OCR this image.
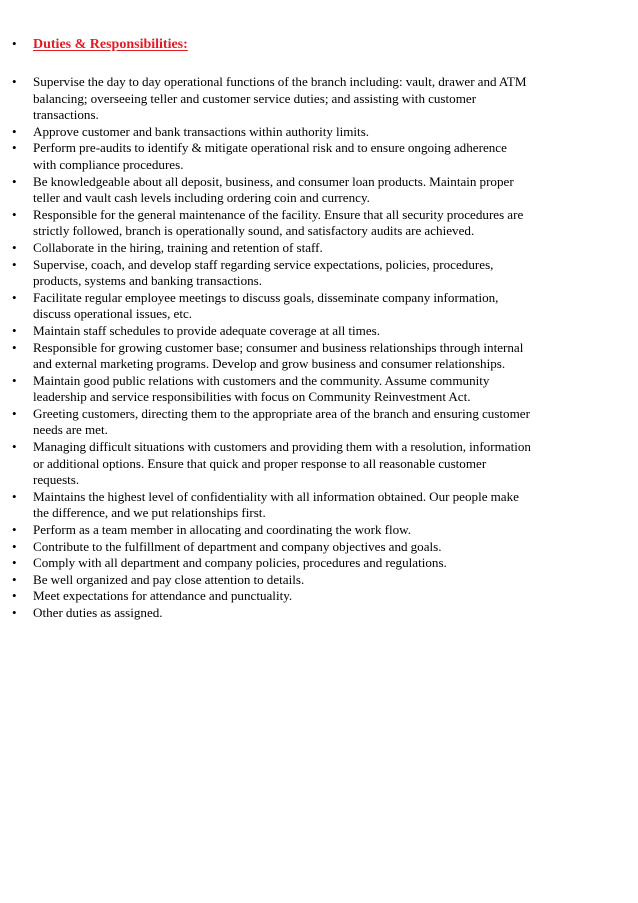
• Duties & Responsibilities:
• Supervise the day to day operational functions of the branch including: vault, drawer and ATM balancing; overseeing teller and customer service duties; and assisting with customer transactions.
• Approve customer and bank transactions within authority limits.
• Perform pre-audits to identify & mitigate operational risk and to ensure ongoing adherence with compliance procedures.
• Be knowledgeable about all deposit, business, and consumer loan products. Maintain proper teller and vault cash levels including ordering coin and currency.
• Responsible for the general maintenance of the facility. Ensure that all security procedures are strictly followed, branch is operationally sound, and satisfactory audits are achieved.
• Collaborate in the hiring, training and retention of staff.
• Supervise, coach, and develop staff regarding service expectations, policies, procedures, products, systems and banking transactions.
• Facilitate regular employee meetings to discuss goals, disseminate company information, discuss operational issues, etc.
• Maintain staff schedules to provide adequate coverage at all times.
• Responsible for growing customer base; consumer and business relationships through internal and external marketing programs. Develop and grow business and consumer relationships.
• Maintain good public relations with customers and the community. Assume community leadership and service responsibilities with focus on Community Reinvestment Act.
• Greeting customers, directing them to the appropriate area of the branch and ensuring customer needs are met.
• Managing difficult situations with customers and providing them with a resolution, information or additional options. Ensure that quick and proper response to all reasonable customer requests.
• Maintains the highest level of confidentiality with all information obtained. Our people make the difference, and we put relationships first.
• Perform as a team member in allocating and coordinating the work flow.
• Contribute to the fulfillment of department and company objectives and goals.
• Comply with all department and company policies, procedures and regulations.
• Be well organized and pay close attention to details.
• Meet expectations for attendance and punctuality.
• Other duties as assigned.
